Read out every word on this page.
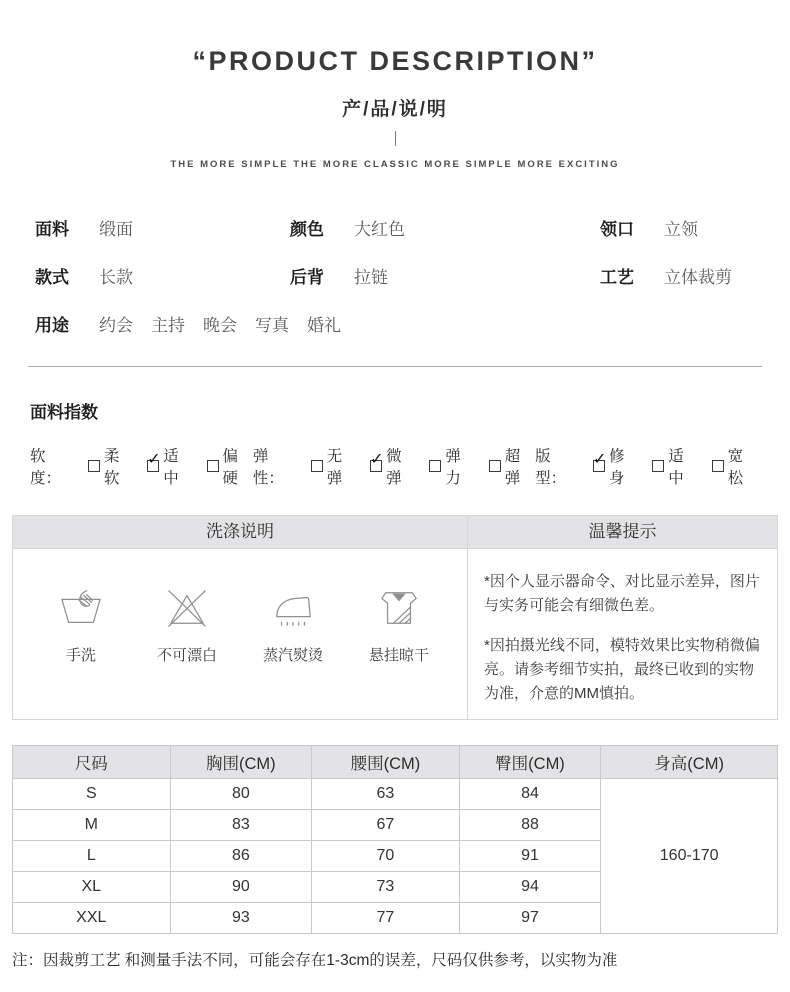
“PRODUCT DESCRIPTION”
产/品/说/明
THE MORE SIMPLE THE MORE CLASSIC MORE SIMPLE MORE EXCITING
面料 缎面	颜色 大红色	领口 立领
款式 长款	后背 拉链	工艺 立体裁剪
用途 约会 主持 晚会 写真 婚礼
面料指数
软度：
柔软
✓ 适中
偏硬
弹性：
无弹
✓ 微弹
弹力
超弹
版型：
✓ 修身
适中
宽松
洗涤说明
手洗	不可漂白	蒸汽熨烫	悬挂晾干
温馨提示

*因个人显示器命令、对比显示差异，图片与实务可能会有细微色差。

*因拍摄光线不同，模特效果比实物稍微偏亮。请参考细节实拍，最终已收到的实物为准，介意的MM慎拍。

尺码	胸围(CM)	腰围(CM)	臀围(CM)	身高(CM)
S	80	63	84	160-170
M	83	67	88	
L	86	70	91	
XL	90	73	94	
XXL	93	77	97	

注：因裁剪工艺 和测量手法不同，可能会存在1-3cm的误差，尺码仅供参考，以实物为准
